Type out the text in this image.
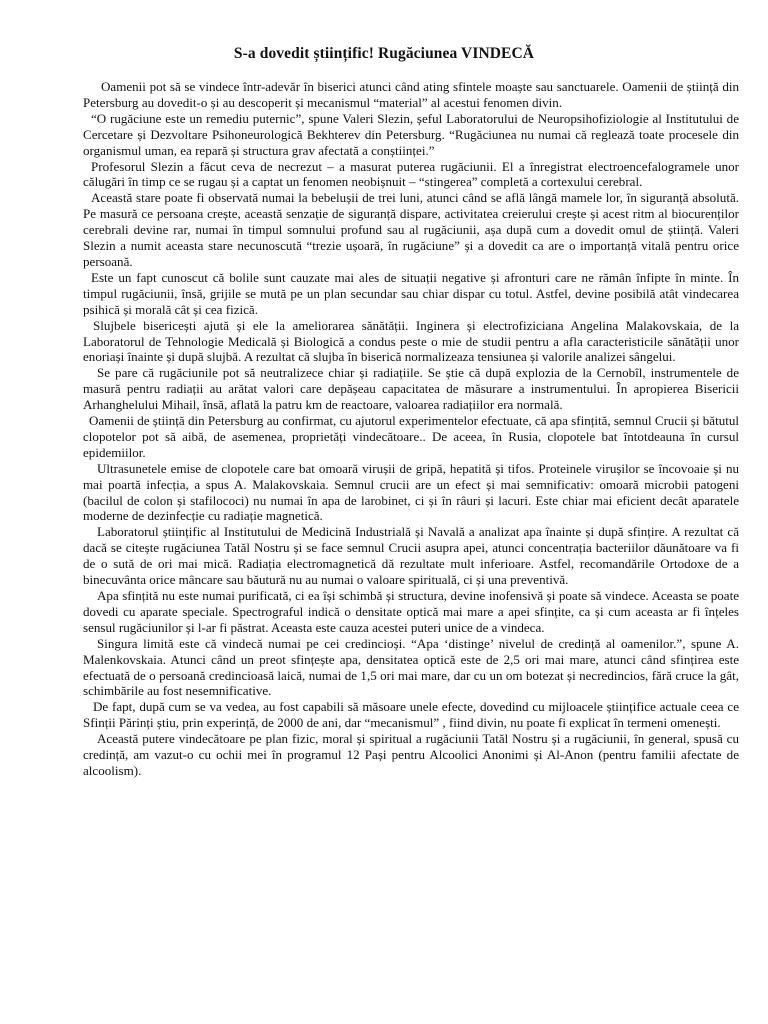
S-a dovedit științific! Rugăciunea VINDECĂ

Oamenii pot să se vindece într-adevăr în biserici atunci când ating sfintele moaște sau sanctuarele. Oamenii de știință din Petersburg au dovedit-o și au descoperit și mecanismul “material” al acestui fenomen divin.

“O rugăciune este un remediu puternic”, spune Valeri Slezin, șeful Laboratorului de Neuropsihofiziologie al Institutului de Cercetare și Dezvoltare Psihoneurologică Bekhterev din Petersburg. “Rugăciunea nu numai că reglează toate procesele din organismul uman, ea repară și structura grav afectată a conștiinței.”

Profesorul Slezin a făcut ceva de necrezut – a masurat puterea rugăciunii. El a înregistrat electroencefalogramele unor călugări în timp ce se rugau și a captat un fenomen neobișnuit – “stingerea” completă a cortexului cerebral.

Această stare poate fi observată numai la bebelușii de trei luni, atunci când se află lângă mamele lor, în siguranță absolută. Pe masură ce persoana crește, această senzație de siguranță dispare, activitatea creierului crește și acest ritm al biocurenților cerebrali devine rar, numai în timpul somnului profund sau al rugăciunii, așa după cum a dovedit omul de știință. Valeri Slezin a numit aceasta stare necunoscută “trezie ușoară, în rugăciune” și a dovedit ca are o importanță vitală pentru orice persoană.

Este un fapt cunoscut că bolile sunt cauzate mai ales de situații negative și afronturi care ne rămân înfipte în minte. În timpul rugăciunii, însă, grijile se mută pe un plan secundar sau chiar dispar cu totul. Astfel, devine posibilă atât vindecarea psihică și morală cât și cea fizică.

Slujbele bisericești ajută și ele la ameliorarea sănătății. Inginera și electrofiziciana Angelina Malakovskaia, de la Laboratorul de Tehnologie Medicală și Biologică a condus peste o mie de studii pentru a afla caracteristicile sănătății unor enoriași înainte și după slujbă. A rezultat că slujba în biserică normalizeaza tensiunea și valorile analizei sângelui.

Se pare că rugăciunile pot să neutralizece chiar și radiațiile. Se știe că după explozia de la Cernobîl, instrumentele de masură pentru radiații au arătat valori care depășeau capacitatea de măsurare a instrumentului. În apropierea Bisericii Arhanghelului Mihail, însă, aflată la patru km de reactoare, valoarea radiațiilor era normală.

Oamenii de știință din Petersburg au confirmat, cu ajutorul experimentelor efectuate, că apa sfințită, semnul Crucii și bătutul clopotelor pot să aibă, de asemenea, proprietăți vindecătoare.. De aceea, în Rusia, clopotele bat întotdeauna în cursul epidemiilor.

Ultrasunetele emise de clopotele care bat omoară virușii de gripă, hepatită și tifos. Proteinele virușilor se încovoaie și nu mai poartă infecția, a spus A. Malakovskaia. Semnul crucii are un efect și mai semnificativ: omoară microbii patogeni (bacilul de colon și stafilococi) nu numai în apa de larobinet, ci și în râuri și lacuri. Este chiar mai eficient decât aparatele moderne de dezinfecție cu radiație magnetică.

Laboratorul științific al Institutului de Medicină Industrială și Navală a analizat apa înainte și după sfințire. A rezultat că dacă se citește rugăciunea Tatăl Nostru și se face semnul Crucii asupra apei, atunci concentrația bacteriilor dăunătoare va fi de o sută de ori mai mică. Radiația electromagnetică dă rezultate mult inferioare. Astfel, recomandările Ortodoxe de a binecuvânta orice mâncare sau băutură nu au numai o valoare spirituală, ci și una preventivă.

Apa sfințită nu este numai purificată, ci ea își schimbă și structura, devine inofensivă și poate să vindece. Aceasta se poate dovedi cu aparate speciale. Spectrograful indică o densitate optică mai mare a apei sfințite, ca și cum aceasta ar fi înțeles sensul rugăciunilor și l-ar fi păstrat. Aceasta este cauza acestei puteri unice de a vindeca.

Singura limită este că vindecă numai pe cei credincioși. “Apa ‘distinge’ nivelul de credință al oamenilor.”, spune A. Malenkovskaia. Atunci când un preot sfințește apa, densitatea optică este de 2,5 ori mai mare, atunci când sfințirea este efectuată de o persoană credincioasă laică, numai de 1,5 ori mai mare, dar cu un om botezat și necredincios, fără cruce la gât, schimbările au fost nesemnificative.

De fapt, după cum se va vedea, au fost capabili să măsoare unele efecte, dovedind cu mijloacele științifice actuale ceea ce Sfinții Părinți știu, prin experință, de 2000 de ani, dar “mecanismul” , fiind divin, nu poate fi explicat în termeni omenești.

Această putere vindecătoare pe plan fizic, moral și spiritual a rugăciunii Tatăl Nostru și a rugăciunii, în general, spusă cu credință, am vazut-o cu ochii mei în programul 12 Pași pentru Alcoolici Anonimi și Al-Anon (pentru familii afectate de alcoolism).
